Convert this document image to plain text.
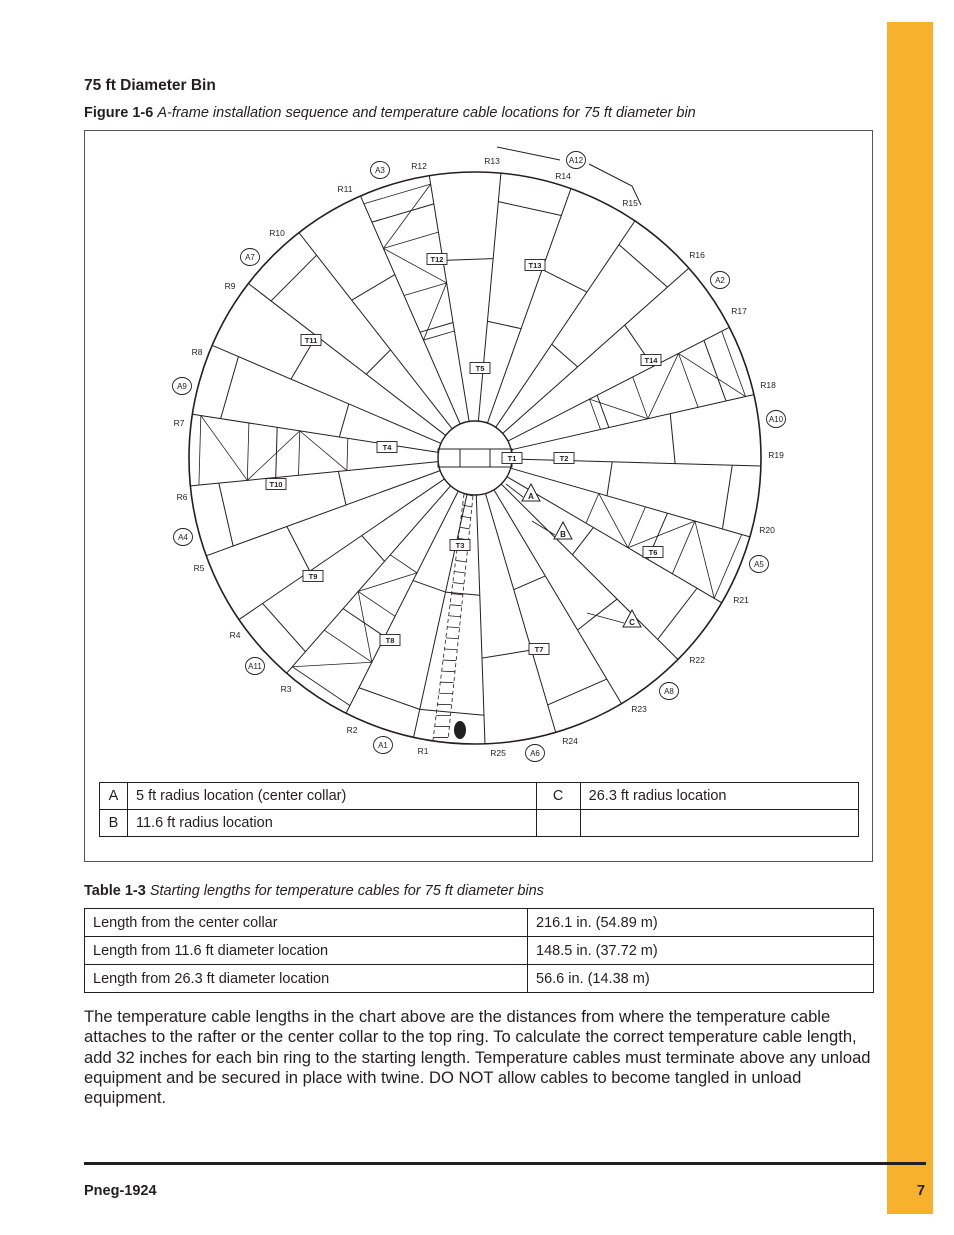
75 ft Diameter Bin
Figure 1-6 A-frame installation sequence and temperature cable locations for 75 ft diameter bin
R1
R2
R3
R4
R5
R6
R7
R8
R9
R10
R11
R12	R13
R14
R15
R16
R17
R18
R19
R20
R21
R22
R23
R24
R25
A1
A2
A3
A4
A5
A6
A7
A8
A9
A10
A11
A12
T1	T2
T3
T4
T5
T6
T7
T8
T9
T10
T11
T12
T13
T14
A
B
C
A	5 ft radius location (center collar)	C	26.3 ft radius location
B	11.6 ft radius location		
Table 1-3 Starting lengths for temperature cables for 75 ft diameter bins
Length from the center collar	216.1 in. (54.89 m)
Length from 11.6 ft diameter location	148.5 in. (37.72 m)
Length from 26.3 ft diameter location	56.6 in. (14.38 m)

The temperature cable lengths in the chart above are the distances from where the temperature cable attaches to the rafter or the center collar to the top ring. To calculate the correct temperature cable length, add 32 inches for each bin ring to the starting length. Temperature cables must terminate above any unload equipment and be secured in place with twine. DO NOT allow cables to become tangled in unload equipment.

Pneg-1924	7
